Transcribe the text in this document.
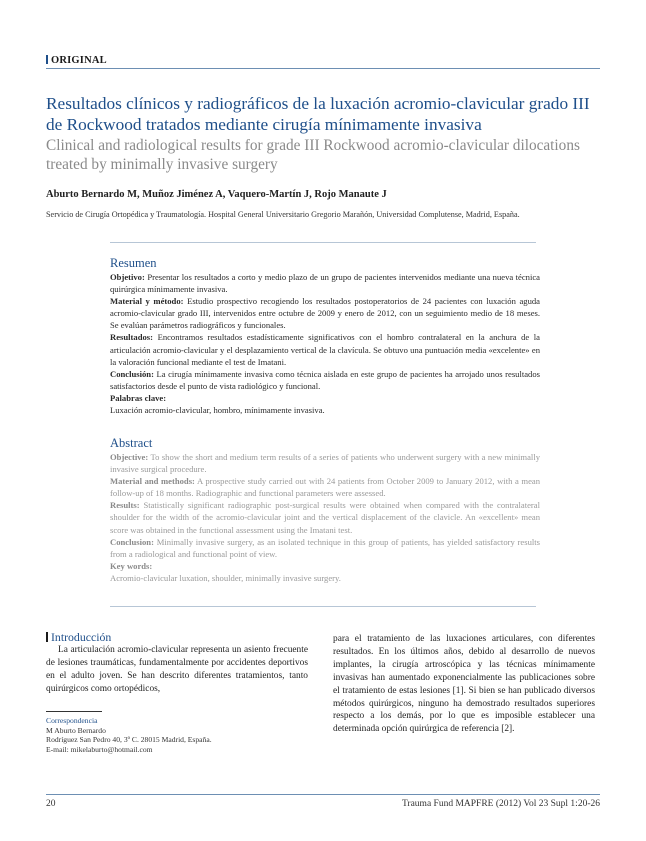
ORIGINAL
Resultados clínicos y radiográficos de la luxación acromio-clavicular grado III de Rockwood tratados mediante cirugía mínimamente invasiva
Clinical and radiological results for grade III Rockwood acromio-clavicular dilocations treated by minimally invasive surgery
Aburto Bernardo M, Muñoz Jiménez A, Vaquero-Martín J, Rojo Manaute J
Servicio de Cirugía Ortopédica y Traumatología. Hospital General Universitario Gregorio Marañón, Universidad Complutense, Madrid, España.
Resumen

Objetivo: Presentar los resultados a corto y medio plazo de un grupo de pacientes intervenidos mediante una nueva técnica quirúrgica mínimamente invasiva.

Material y método: Estudio prospectivo recogiendo los resultados postoperatorios de 24 pacientes con luxación aguda acromio-clavicular grado III, intervenidos entre octubre de 2009 y enero de 2012, con un seguimiento medio de 18 meses. Se evalúan parámetros radiográficos y funcionales.

Resultados: Encontramos resultados estadísticamente significativos con el hombro contralateral en la anchura de la articulación acromio-clavicular y el desplazamiento vertical de la clavícula. Se obtuvo una puntuación media «excelente» en la valoración funcional mediante el test de Imatani.

Conclusión: La cirugía mínimamente invasiva como técnica aislada en este grupo de pacientes ha arrojado unos resultados satisfactorios desde el punto de vista radiológico y funcional.

Palabras clave:

Luxación acromio-clavicular, hombro, mínimamente invasiva.

Abstract

Objective: To show the short and medium term results of a series of patients who underwent surgery with a new minimally invasive surgical procedure.

Material and methods: A prospective study carried out with 24 patients from October 2009 to January 2012, with a mean follow-up of 18 months. Radiographic and functional parameters were assessed.

Results: Statistically significant radiographic post-surgical results were obtained when compared with the contralateral shoulder for the width of the acromio-clavicular joint and the vertical displacement of the clavicle. An «excellent» mean score was obtained in the functional assessment using the Imatani test.

Conclusion: Minimally invasive surgery, as an isolated technique in this group of patients, has yielded satisfactory results from a radiological and functional point of view.

Key words:

Acromio-clavicular luxation, shoulder, minimally invasive surgery.

Introducción

La articulación acromio-clavicular representa un asiento frecuente de lesiones traumáticas, fundamentalmente por accidentes deportivos en el adulto joven. Se han descrito diferentes tratamientos, tanto quirúrgicos como ortopédicos,

para el tratamiento de las luxaciones articulares, con diferentes resultados. En los últimos años, debido al desarrollo de nuevos implantes, la cirugía artroscópica y las técnicas mínimamente invasivas han aumentado exponencialmente las publicaciones sobre el tratamiento de estas lesiones [1]. Si bien se han publicado diversos métodos quirúrgicos, ninguno ha demostrado resultados superiores respecto a los demás, por lo que es imposible establecer una determinada opción quirúrgica de referencia [2].

Correspondencia
M Aburto Bernardo
Rodríguez San Pedro 40, 3º C. 28015 Madrid, España.
E-mail: mikelaburto@hotmail.com
20	Trauma Fund MAPFRE (2012) Vol 23 Supl 1:20-26
